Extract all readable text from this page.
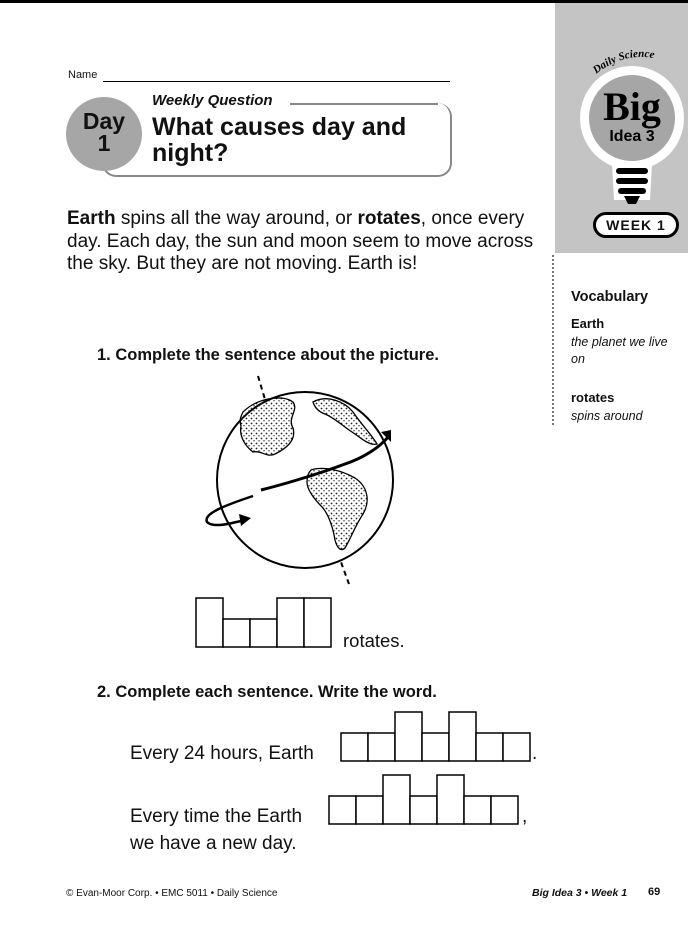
Name
Day
1
Weekly Question
What causes day and night?

Earth spins all the way around, or rotates, once every day. Each day, the sun and moon seem to move across the sky. But they are not moving. Earth is!

1. Complete the sentence about the picture.
rotates.
2. Complete each sentence. Write the word.
Every 24 hours, Earth	.
Every time the Earth	,
we have a new day.
Daily Science
Big
Idea 3
WEEK 1
Vocabulary
Earth
the planet we live on
rotates
spins around
© Evan-Moor Corp. • EMC 5011 • Daily Science	Big Idea 3 • Week 1 69
